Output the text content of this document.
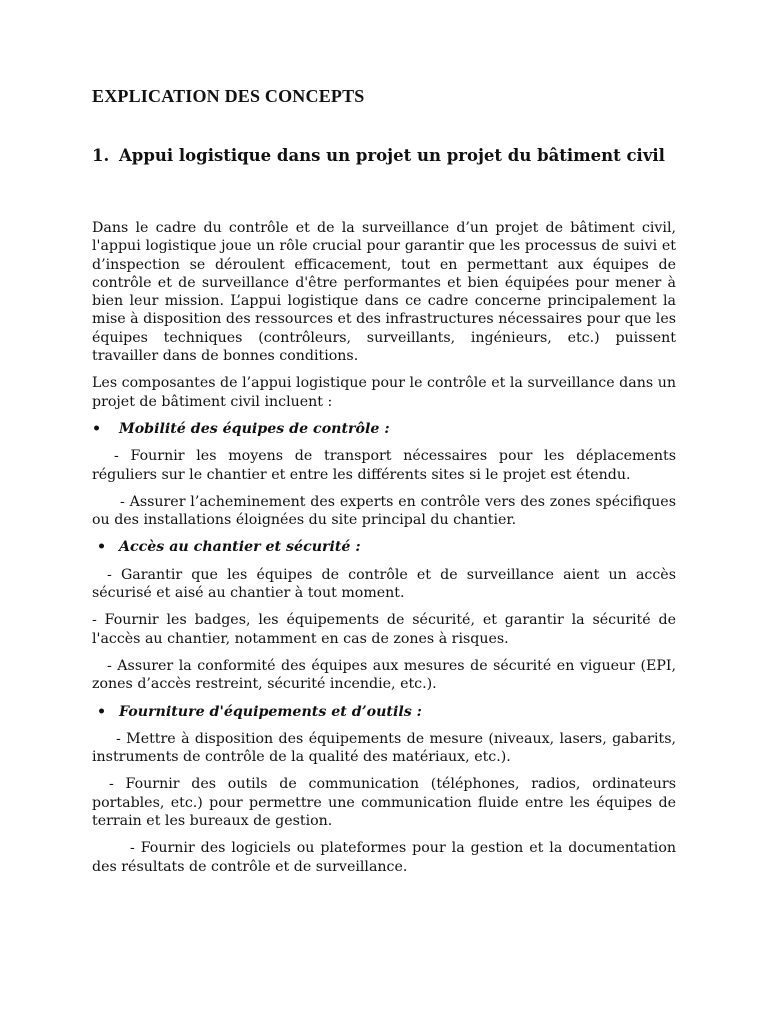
EXPLICATION DES CONCEPTS
1. Appui logistique dans un projet un projet du bâtiment civil

Dans le cadre du contrôle et de la surveillance d’un projet de bâtiment civil, l'appui logistique joue un rôle crucial pour garantir que les processus de suivi et d’inspection se déroulent efficacement, tout en permettant aux équipes de contrôle et de surveillance d'être performantes et bien équipées pour mener à bien leur mission. L’appui logistique dans ce cadre concerne principalement la mise à disposition des ressources et des infrastructures nécessaires pour que les équipes techniques (contrôleurs, surveillants, ingénieurs, etc.) puissent travailler dans de bonnes conditions.

Les composantes de l’appui logistique pour le contrôle et la surveillance dans un projet de bâtiment civil incluent :

• Mobilité des équipes de contrôle :

- Fournir les moyens de transport nécessaires pour les déplacements réguliers sur le chantier et entre les différents sites si le projet est étendu.

- Assurer l’acheminement des experts en contrôle vers des zones spécifiques ou des installations éloignées du site principal du chantier.

• Accès au chantier et sécurité :

- Garantir que les équipes de contrôle et de surveillance aient un accès sécurisé et aisé au chantier à tout moment.

- Fournir les badges, les équipements de sécurité, et garantir la sécurité de l'accès au chantier, notamment en cas de zones à risques.

- Assurer la conformité des équipes aux mesures de sécurité en vigueur (EPI, zones d’accès restreint, sécurité incendie, etc.).

• Fourniture d'équipements et d’outils :

- Mettre à disposition des équipements de mesure (niveaux, lasers, gabarits, instruments de contrôle de la qualité des matériaux, etc.).

- Fournir des outils de communication (téléphones, radios, ordinateurs portables, etc.) pour permettre une communication fluide entre les équipes de terrain et les bureaux de gestion.

- Fournir des logiciels ou plateformes pour la gestion et la documentation des résultats de contrôle et de surveillance.
